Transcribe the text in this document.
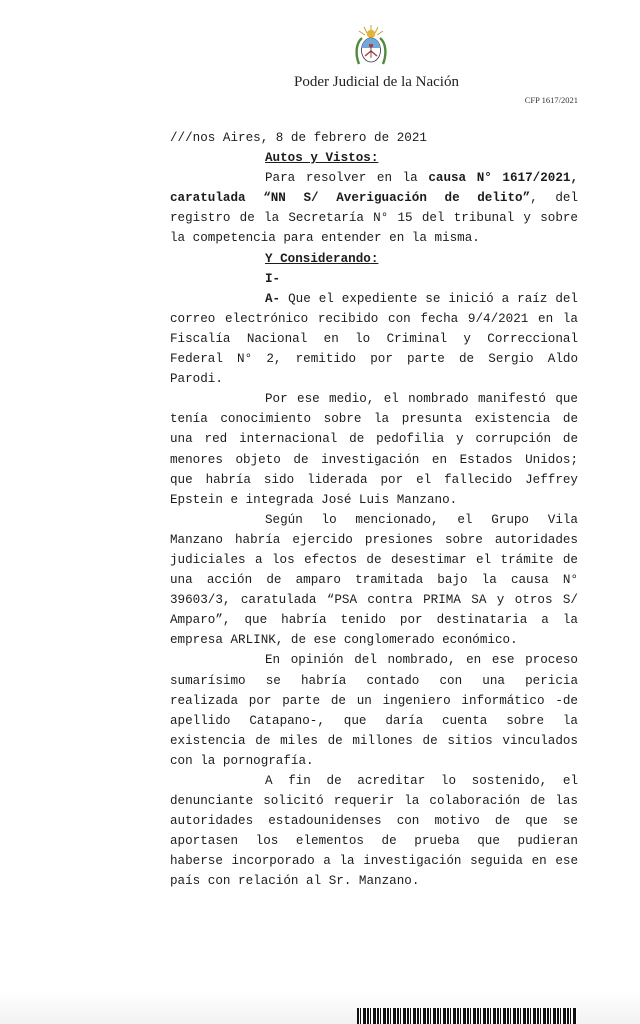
Poder Judicial de la Nación
CFP 1617/2021

///nos Aires, 8 de febrero de 2021

Autos y Vistos:

Para resolver en la causa N° 1617/2021, caratulada “NN S/ Averiguación de delito”, del registro de la Secretaría N° 15 del tribunal y sobre la competencia para entender en la misma.

Y Considerando:

I-

A- Que el expediente se inició a raíz del correo electrónico recibido con fecha 9/4/2021 en la Fiscalía Nacional en lo Criminal y Correccional Federal N° 2, remitido por parte de Sergio Aldo Parodi.

Por ese medio, el nombrado manifestó que tenía conocimiento sobre la presunta existencia de una red internacional de pedofilia y corrupción de menores objeto de investigación en Estados Unidos; que habría sido liderada por el fallecido Jeffrey Epstein e integrada José Luis Manzano.

Según lo mencionado, el Grupo Vila Manzano habría ejercido presiones sobre autoridades judiciales a los efectos de desestimar el trámite de una acción de amparo tramitada bajo la causa N° 39603/3, caratulada “PSA contra PRIMA SA y otros S/ Amparo”, que habría tenido por destinataria a la empresa ARLINK, de ese conglomerado económico.

En opinión del nombrado, en ese proceso sumarísimo se habría contado con una pericia realizada por parte de un ingeniero informático -de apellido Catapano-, que daría cuenta sobre la existencia de miles de millones de sitios vinculados con la pornografía.

A fin de acreditar lo sostenido, el denunciante solicitó requerir la colaboración de las autoridades estadounidenses con motivo de que se aportasen los elementos de prueba que pudieran haberse incorporado a la investigación seguida en ese país con relación al Sr. Manzano.
